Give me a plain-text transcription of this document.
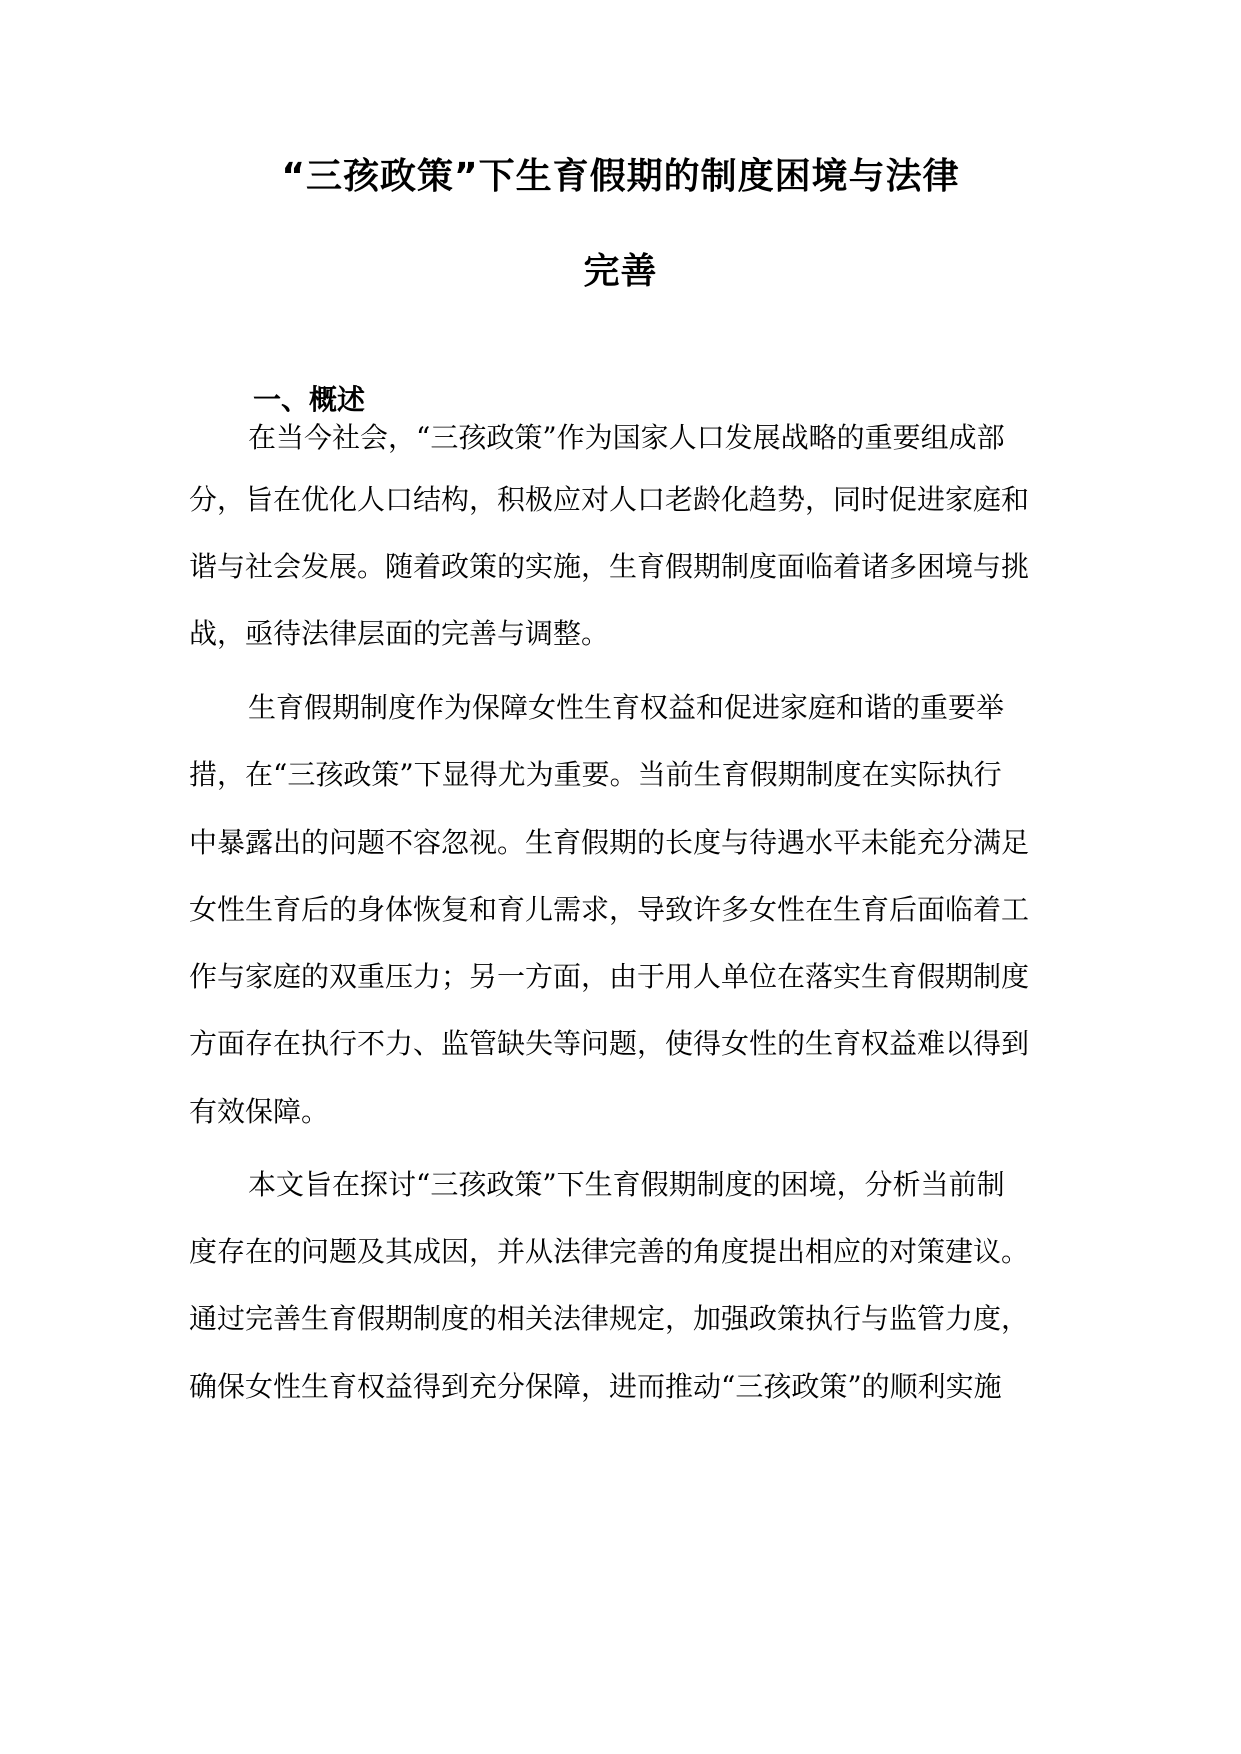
“三孩政策”下生育假期的制度困境与法律
完善
一、概述
在当今社会，“三孩政策”作为国家人口发展战略的重要组成部
分，旨在优化人口结构，积极应对人口老龄化趋势，同时促进家庭和
谐与社会发展。随着政策的实施，生育假期制度面临着诸多困境与挑
战，亟待法律层面的完善与调整。
生育假期制度作为保障女性生育权益和促进家庭和谐的重要举
措，在“三孩政策”下显得尤为重要。当前生育假期制度在实际执行
中暴露出的问题不容忽视。生育假期的长度与待遇水平未能充分满足
女性生育后的身体恢复和育儿需求，导致许多女性在生育后面临着工
作与家庭的双重压力；另一方面，由于用人单位在落实生育假期制度
方面存在执行不力、监管缺失等问题，使得女性的生育权益难以得到
有效保障。
本文旨在探讨“三孩政策”下生育假期制度的困境，分析当前制
度存在的问题及其成因，并从法律完善的角度提出相应的对策建议。
通过完善生育假期制度的相关法律规定，加强政策执行与监管力度，
确保女性生育权益得到充分保障，进而推动“三孩政策”的顺利实施
